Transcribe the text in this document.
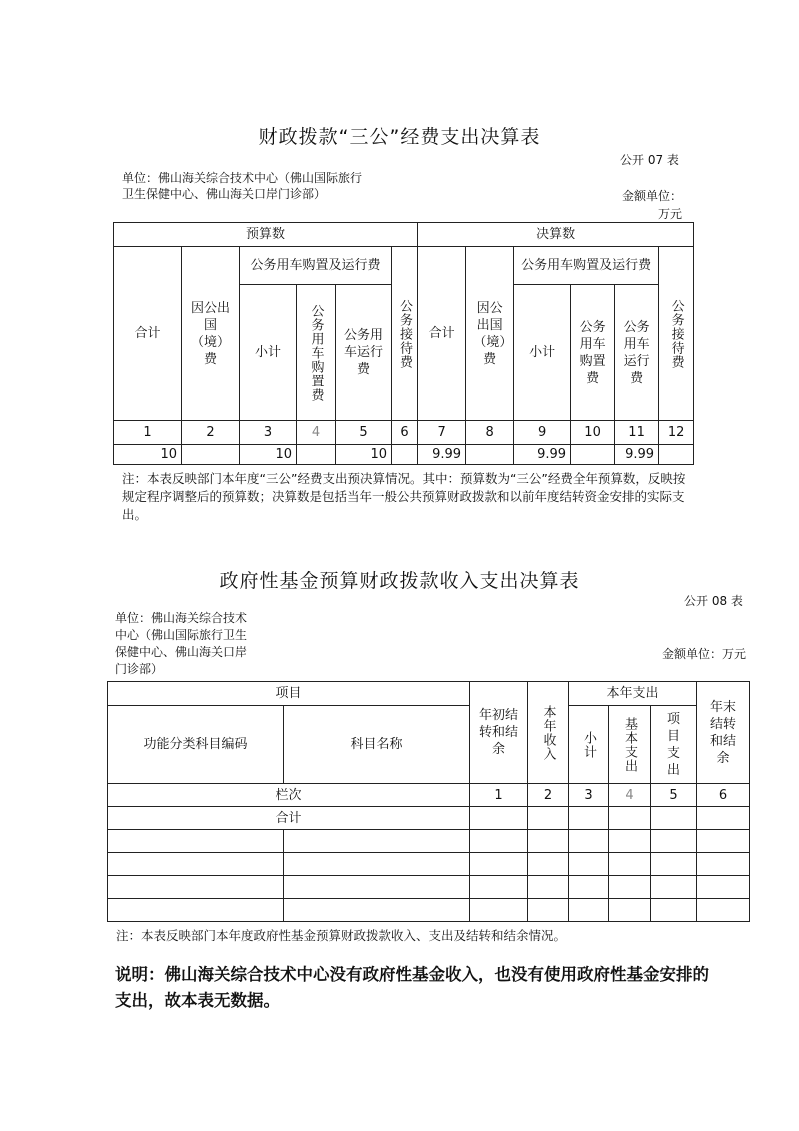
财政拨款“三公”经费支出决算表
公开 07 表
单位：佛山海关综合技术中心（佛山国际旅行卫生保健中心、佛山海关口岸门诊部）	金额单位：
万元
预算数						决算数					
合计	因公出国（境）费	公务用车购置及运行费			公务接待费	合计	因公出国（境）费	公务用车购置及运行费			公务接待费
		小计	公务用车购置费	公务用车运行费				小计	公务用车购置费	公务用车运行费	
1	2	3	4	5	6	7	8	9	10	11	12
10		10		10		9.99		9.99		9.99	
注：本表反映部门本年度“三公”经费支出预决算情况。其中：预算数为“三公”经费全年预算数，反映按规定程序调整后的预算数；决算数是包括当年一般公共预算财政拨款和以前年度结转资金安排的实际支出。
政府性基金预算财政拨款收入支出决算表
公开 08 表
单位：佛山海关综合技术中心（佛山国际旅行卫生保健中心、佛山海关口岸门诊部）
金额单位：万元
项目		年初结转和结余	本年收入	本年支出			年末结转和结余
功能分类科目编码	科目名称			小计	基本支出	项目支出	
栏次		1	2	3	4	5	6
合计							

注：本表反映部门本年度政府性基金预算财政拨款收入、支出及结转和结余情况。
说明：佛山海关综合技术中心没有政府性基金收入，也没有使用政府性基金安排的支出，故本表无数据。
